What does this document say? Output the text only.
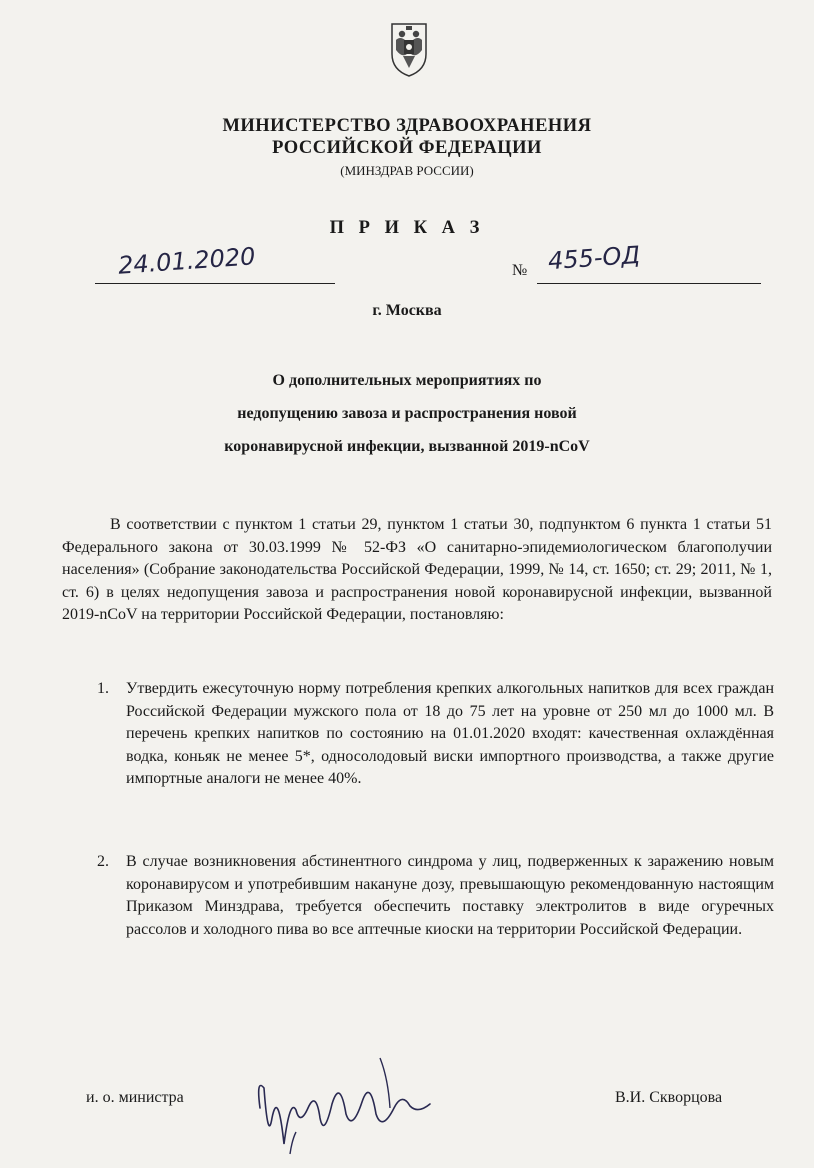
МИНИСТЕРСТВО ЗДРАВООХРАНЕНИЯ
РОССИЙСКОЙ ФЕДЕРАЦИИ
(МИНЗДРАВ РОССИИ)
П Р И К А З
24.01.2020	№ 455-ОД
г. Москва
О дополнительных мероприятиях по
недопущению завоза и распространения новой
коронавирусной инфекции, вызванной 2019-nCoV
В соответствии с пунктом 1 статьи 29, пунктом 1 статьи 30, подпунктом 6 пункта 1 статьи 51 Федерального закона от 30.03.1999 № 52-ФЗ «О санитарно-эпидемиологическом благополучии населения» (Собрание законодательства Российской Федерации, 1999, № 14, ст. 1650; ст. 29; 2011, № 1, ст. 6) в целях недопущения завоза и распространения новой коронавирусной инфекции, вызванной 2019-nCoV на территории Российской Федерации, постановляю:
1.	Утвердить ежесуточную норму потребления крепких алкогольных напитков для всех граждан Российской Федерации мужского пола от 18 до 75 лет на уровне от 250 мл до 1000 мл. В перечень крепких напитков по состоянию на 01.01.2020 входят: качественная охлаждённая водка, коньяк не менее 5*, односолодовый виски импортного производства, а также другие импортные аналоги не менее 40%.
2.	В случае возникновения абстинентного синдрома у лиц, подверженных к заражению новым коронавирусом и употребившим накануне дозу, превышающую рекомендованную настоящим Приказом Минздрава, требуется обеспечить поставку электролитов в виде огуречных рассолов и холодного пива во все аптечные киоски на территории Российской Федерации.
и. о. министра	В.И. Скворцова
